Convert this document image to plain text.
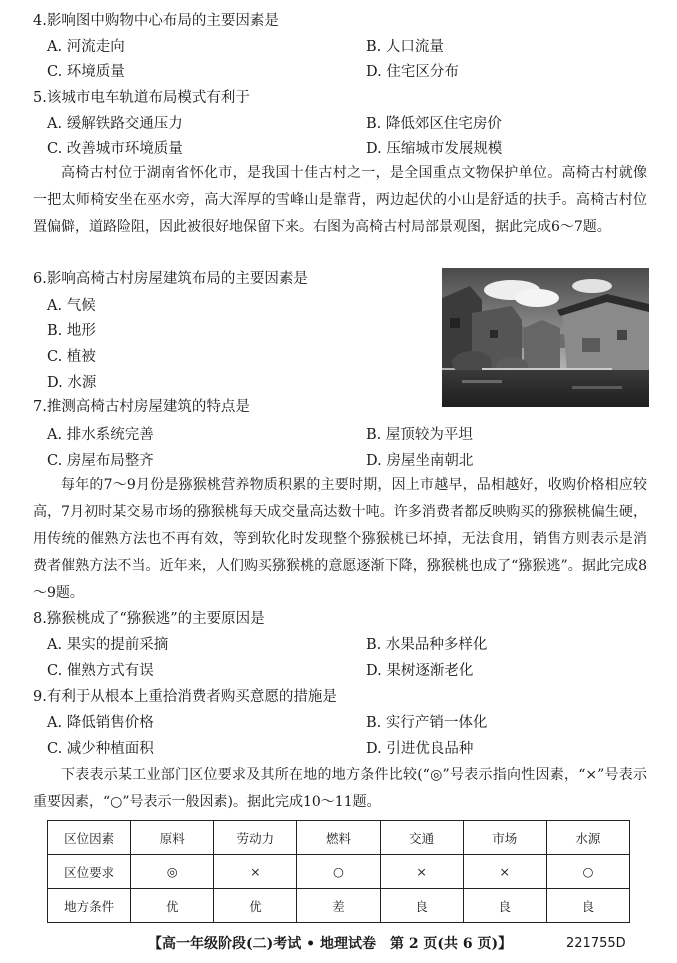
4.影响图中购物中心布局的主要因素是
A. 河流走向	B. 人口流量
C. 环境质量	D. 住宅区分布
5.该城市电车轨道布局模式有利于
A. 缓解铁路交通压力	B. 降低郊区住宅房价
C. 改善城市环境质量	D. 压缩城市发展规模
高椅古村位于湖南省怀化市，是我国十佳古村之一，是全国重点文物保护单位。高椅古村就像一把太师椅安坐在巫水旁，高大浑厚的雪峰山是靠背，两边起伏的小山是舒适的扶手。高椅古村位置偏僻，道路险阻，因此被很好地保留下来。右图为高椅古村局部景观图，据此完成6～7题。
6.影响高椅古村房屋建筑布局的主要因素是
A. 气候
B. 地形
C. 植被
D. 水源
7.推测高椅古村房屋建筑的特点是
A. 排水系统完善	B. 屋顶较为平坦
C. 房屋布局整齐	D. 房屋坐南朝北
每年的7～9月份是猕猴桃营养物质积累的主要时期，因上市越早，品相越好，收购价格相应较高，7月初时某交易市场的猕猴桃每天成交量高达数十吨。许多消费者都反映购买的猕猴桃偏生硬，用传统的催熟方法也不再有效，等到软化时发现整个猕猴桃已坏掉，无法食用，销售方则表示是消费者催熟方法不当。近年来，人们购买猕猴桃的意愿逐渐下降，猕猴桃也成了“猕猴逃”。据此完成8～9题。
8.猕猴桃成了“猕猴逃”的主要原因是
A. 果实的提前采摘	B. 水果品种多样化
C. 催熟方式有误	D. 果树逐渐老化
9.有利于从根本上重拾消费者购买意愿的措施是
A. 降低销售价格	B. 实行产销一体化
C. 减少种植面积	D. 引进优良品种
下表表示某工业部门区位要求及其所在地的地方条件比较(“◎”号表示指向性因素，“×”号表示重要因素，“○”号表示一般因素)。据此完成10～11题。
区位因素	原料	劳动力	燃料	交通	市场	水源
区位要求	◎	×	○	×	×	○
地方条件	优	优	差	良	良	良
【高一年级阶段(二)考试 • 地理试卷　第 2 页(共 6 页)】	221755D
